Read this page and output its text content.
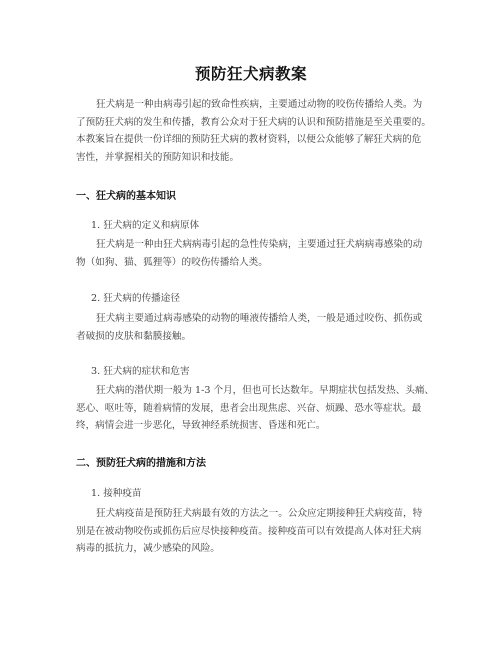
预防狂犬病教案
狂犬病是一种由病毒引起的致命性疾病，主要通过动物的咬伤传播给人类。为
了预防狂犬病的发生和传播，教育公众对于狂犬病的认识和预防措施是至关重要的。
本教案旨在提供一份详细的预防狂犬病的教材资料，以便公众能够了解狂犬病的危
害性，并掌握相关的预防知识和技能。
一、狂犬病的基本知识
1. 狂犬病的定义和病原体
狂犬病是一种由狂犬病病毒引起的急性传染病，主要通过狂犬病病毒感染的动
物（如狗、猫、狐狸等）的咬伤传播给人类。
2. 狂犬病的传播途径
狂犬病主要通过病毒感染的动物的唾液传播给人类，一般是通过咬伤、抓伤或
者破损的皮肤和黏膜接触。
3. 狂犬病的症状和危害
狂犬病的潜伏期一般为 1-3 个月，但也可长达数年。早期症状包括发热、头痛、
恶心、呕吐等，随着病情的发展，患者会出现焦虑、兴奋、烦躁、恐水等症状。最
终，病情会进一步恶化，导致神经系统损害、昏迷和死亡。
二、预防狂犬病的措施和方法
1. 接种疫苗
狂犬病疫苗是预防狂犬病最有效的方法之一。公众应定期接种狂犬病疫苗，特
别是在被动物咬伤或抓伤后应尽快接种疫苗。接种疫苗可以有效提高人体对狂犬病
病毒的抵抗力，减少感染的风险。
